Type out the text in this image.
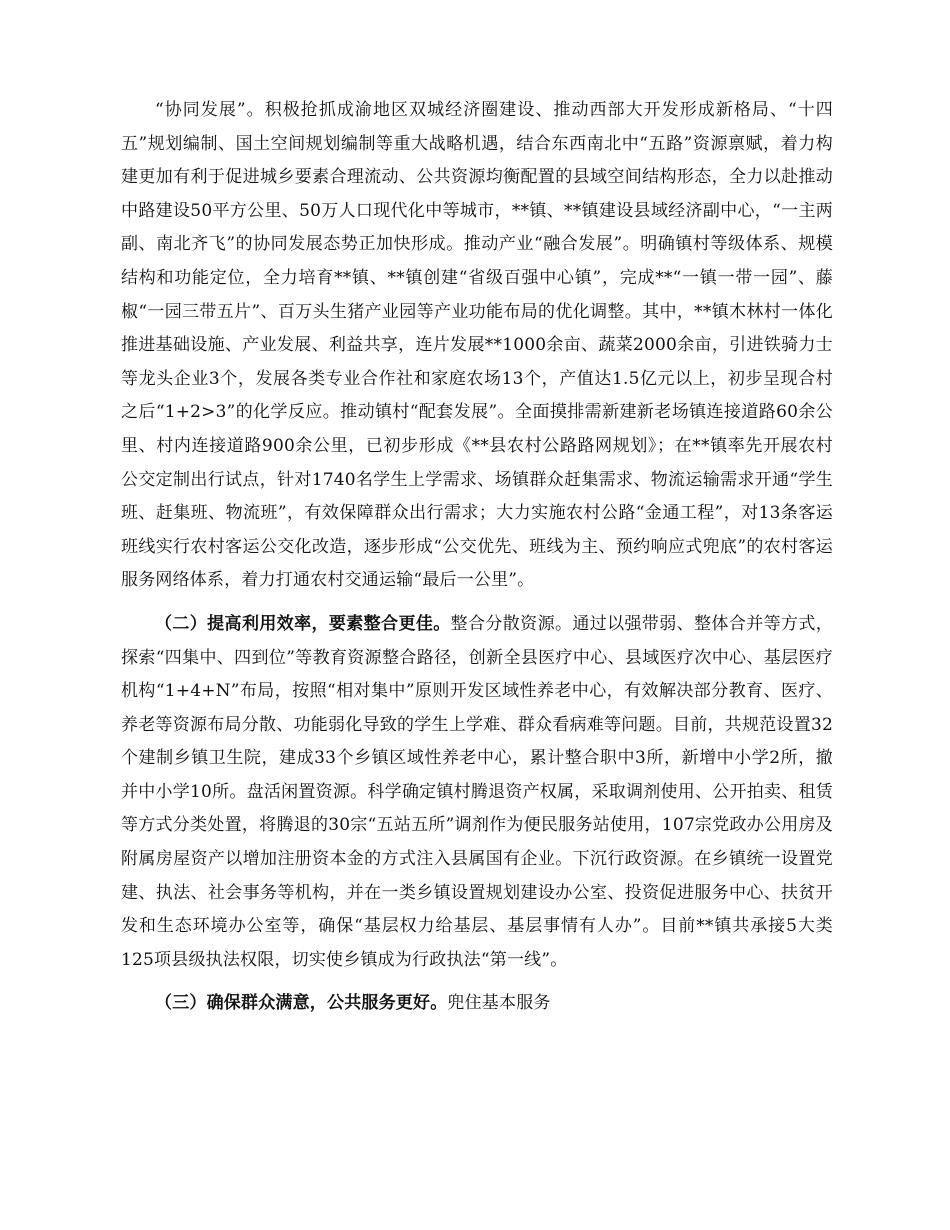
“协同发展”。积极抢抓成渝地区双城经济圈建设、推动西部大开发形成新格局、“十四五”规划编制、国土空间规划编制等重大战略机遇，结合东西南北中“五路”资源禀赋，着力构建更加有利于促进城乡要素合理流动、公共资源均衡配置的县域空间结构形态，全力以赴推动中路建设50平方公里、50万人口现代化中等城市，**镇、**镇建设县域经济副中心，“一主两副、南北齐飞”的协同发展态势正加快形成。推动产业“融合发展”。明确镇村等级体系、规模结构和功能定位，全力培育**镇、**镇创建“省级百强中心镇”，完成**“一镇一带一园”、藤椒“一园三带五片”、百万头生猪产业园等产业功能布局的优化调整。其中，**镇木林村一体化推进基础设施、产业发展、利益共享，连片发展**1000余亩、蔬菜2000余亩，引进铁骑力士等龙头企业3个，发展各类专业合作社和家庭农场13个，产值达1.5亿元以上，初步呈现合村之后“1+2>3”的化学反应。推动镇村“配套发展”。全面摸排需新建新老场镇连接道路60余公里、村内连接道路900余公里，已初步形成《**县农村公路路网规划》；在**镇率先开展农村公交定制出行试点，针对1740名学生上学需求、场镇群众赶集需求、物流运输需求开通“学生班、赶集班、物流班”，有效保障群众出行需求；大力实施农村公路“金通工程”，对13条客运班线实行农村客运公交化改造，逐步形成“公交优先、班线为主、预约响应式兜底”的农村客运服务网络体系，着力打通农村交通运输“最后一公里”。

（二）提高利用效率，要素整合更佳。整合分散资源。通过以强带弱、整体合并等方式，探索“四集中、四到位”等教育资源整合路径，创新全县医疗中心、县域医疗次中心、基层医疗机构“1+4+N”布局，按照“相对集中”原则开发区域性养老中心，有效解决部分教育、医疗、养老等资源布局分散、功能弱化导致的学生上学难、群众看病难等问题。目前，共规范设置32个建制乡镇卫生院，建成33个乡镇区域性养老中心，累计整合职中3所，新增中小学2所，撤并中小学10所。盘活闲置资源。科学确定镇村腾退资产权属，采取调剂使用、公开拍卖、租赁等方式分类处置，将腾退的30宗“五站五所”调剂作为便民服务站使用，107宗党政办公用房及附属房屋资产以增加注册资本金的方式注入县属国有企业。下沉行政资源。在乡镇统一设置党建、执法、社会事务等机构，并在一类乡镇设置规划建设办公室、投资促进服务中心、扶贫开发和生态环境办公室等，确保“基层权力给基层、基层事情有人办”。目前**镇共承接5大类125项县级执法权限，切实使乡镇成为行政执法“第一线”。

（三）确保群众满意，公共服务更好。兜住基本服务
